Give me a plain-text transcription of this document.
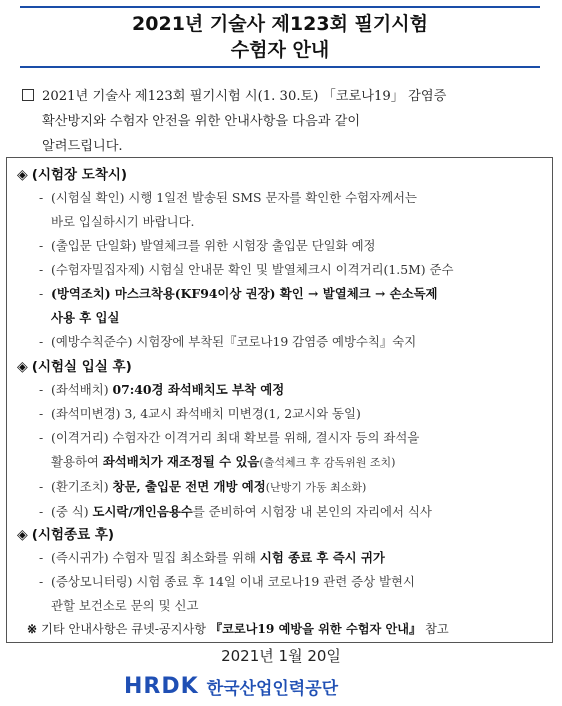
2021년 기술사 제123회 필기시험
수험자 안내
2021년 기술사 제123회 필기시험 시(1. 30.토) 「코로나19」 감염증
확산방지와 수험자 안전을 위한 안내사항을 다음과 같이
알려드립니다.
◈ (시험장 도착시)
- (시험실 확인) 시행 1일전 발송된 SMS 문자를 확인한 수험자께서는
바로 입실하시기 바랍니다.
- (출입문 단일화) 발열체크를 위한 시험장 출입문 단일화 예정
- (수험자밀집자제) 시험실 안내문 확인 및 발열체크시 이격거리(1.5M) 준수
- (방역조치) 마스크착용(KF94이상 권장) 확인 → 발열체크 → 손소독제
사용 후 입실
- (예방수칙준수) 시험장에 부착된『코로나19 감염증 예방수칙』숙지
◈ (시험실 입실 후)
- (좌석배치) 07:40경 좌석배치도 부착 예정
- (좌석미변경) 3, 4교시 좌석배치 미변경(1, 2교시와 동일)
- (이격거리) 수험자간 이격거리 최대 확보를 위해, 결시자 등의 좌석을
활용하여 좌석배치가 재조정될 수 있음(출석체크 후 감독위원 조치)
- (환기조치) 창문, 출입문 전면 개방 예정(난방기 가동 최소화)
- (중 식) 도시락/개인음용수를 준비하여 시험장 내 본인의 자리에서 식사
◈ (시험종료 후)
- (즉시귀가) 수험자 밀집 최소화를 위해 시험 종료 후 즉시 귀가
- (증상모니터링) 시험 종료 후 14일 이내 코로나19 관련 증상 발현시
관할 보건소로 문의 및 신고
※ 기타 안내사항은 큐넷-공지사항 『코로나19 예방을 위한 수험자 안내』 참고
2021년 1월 20일
HRDK 한국산업인력공단
